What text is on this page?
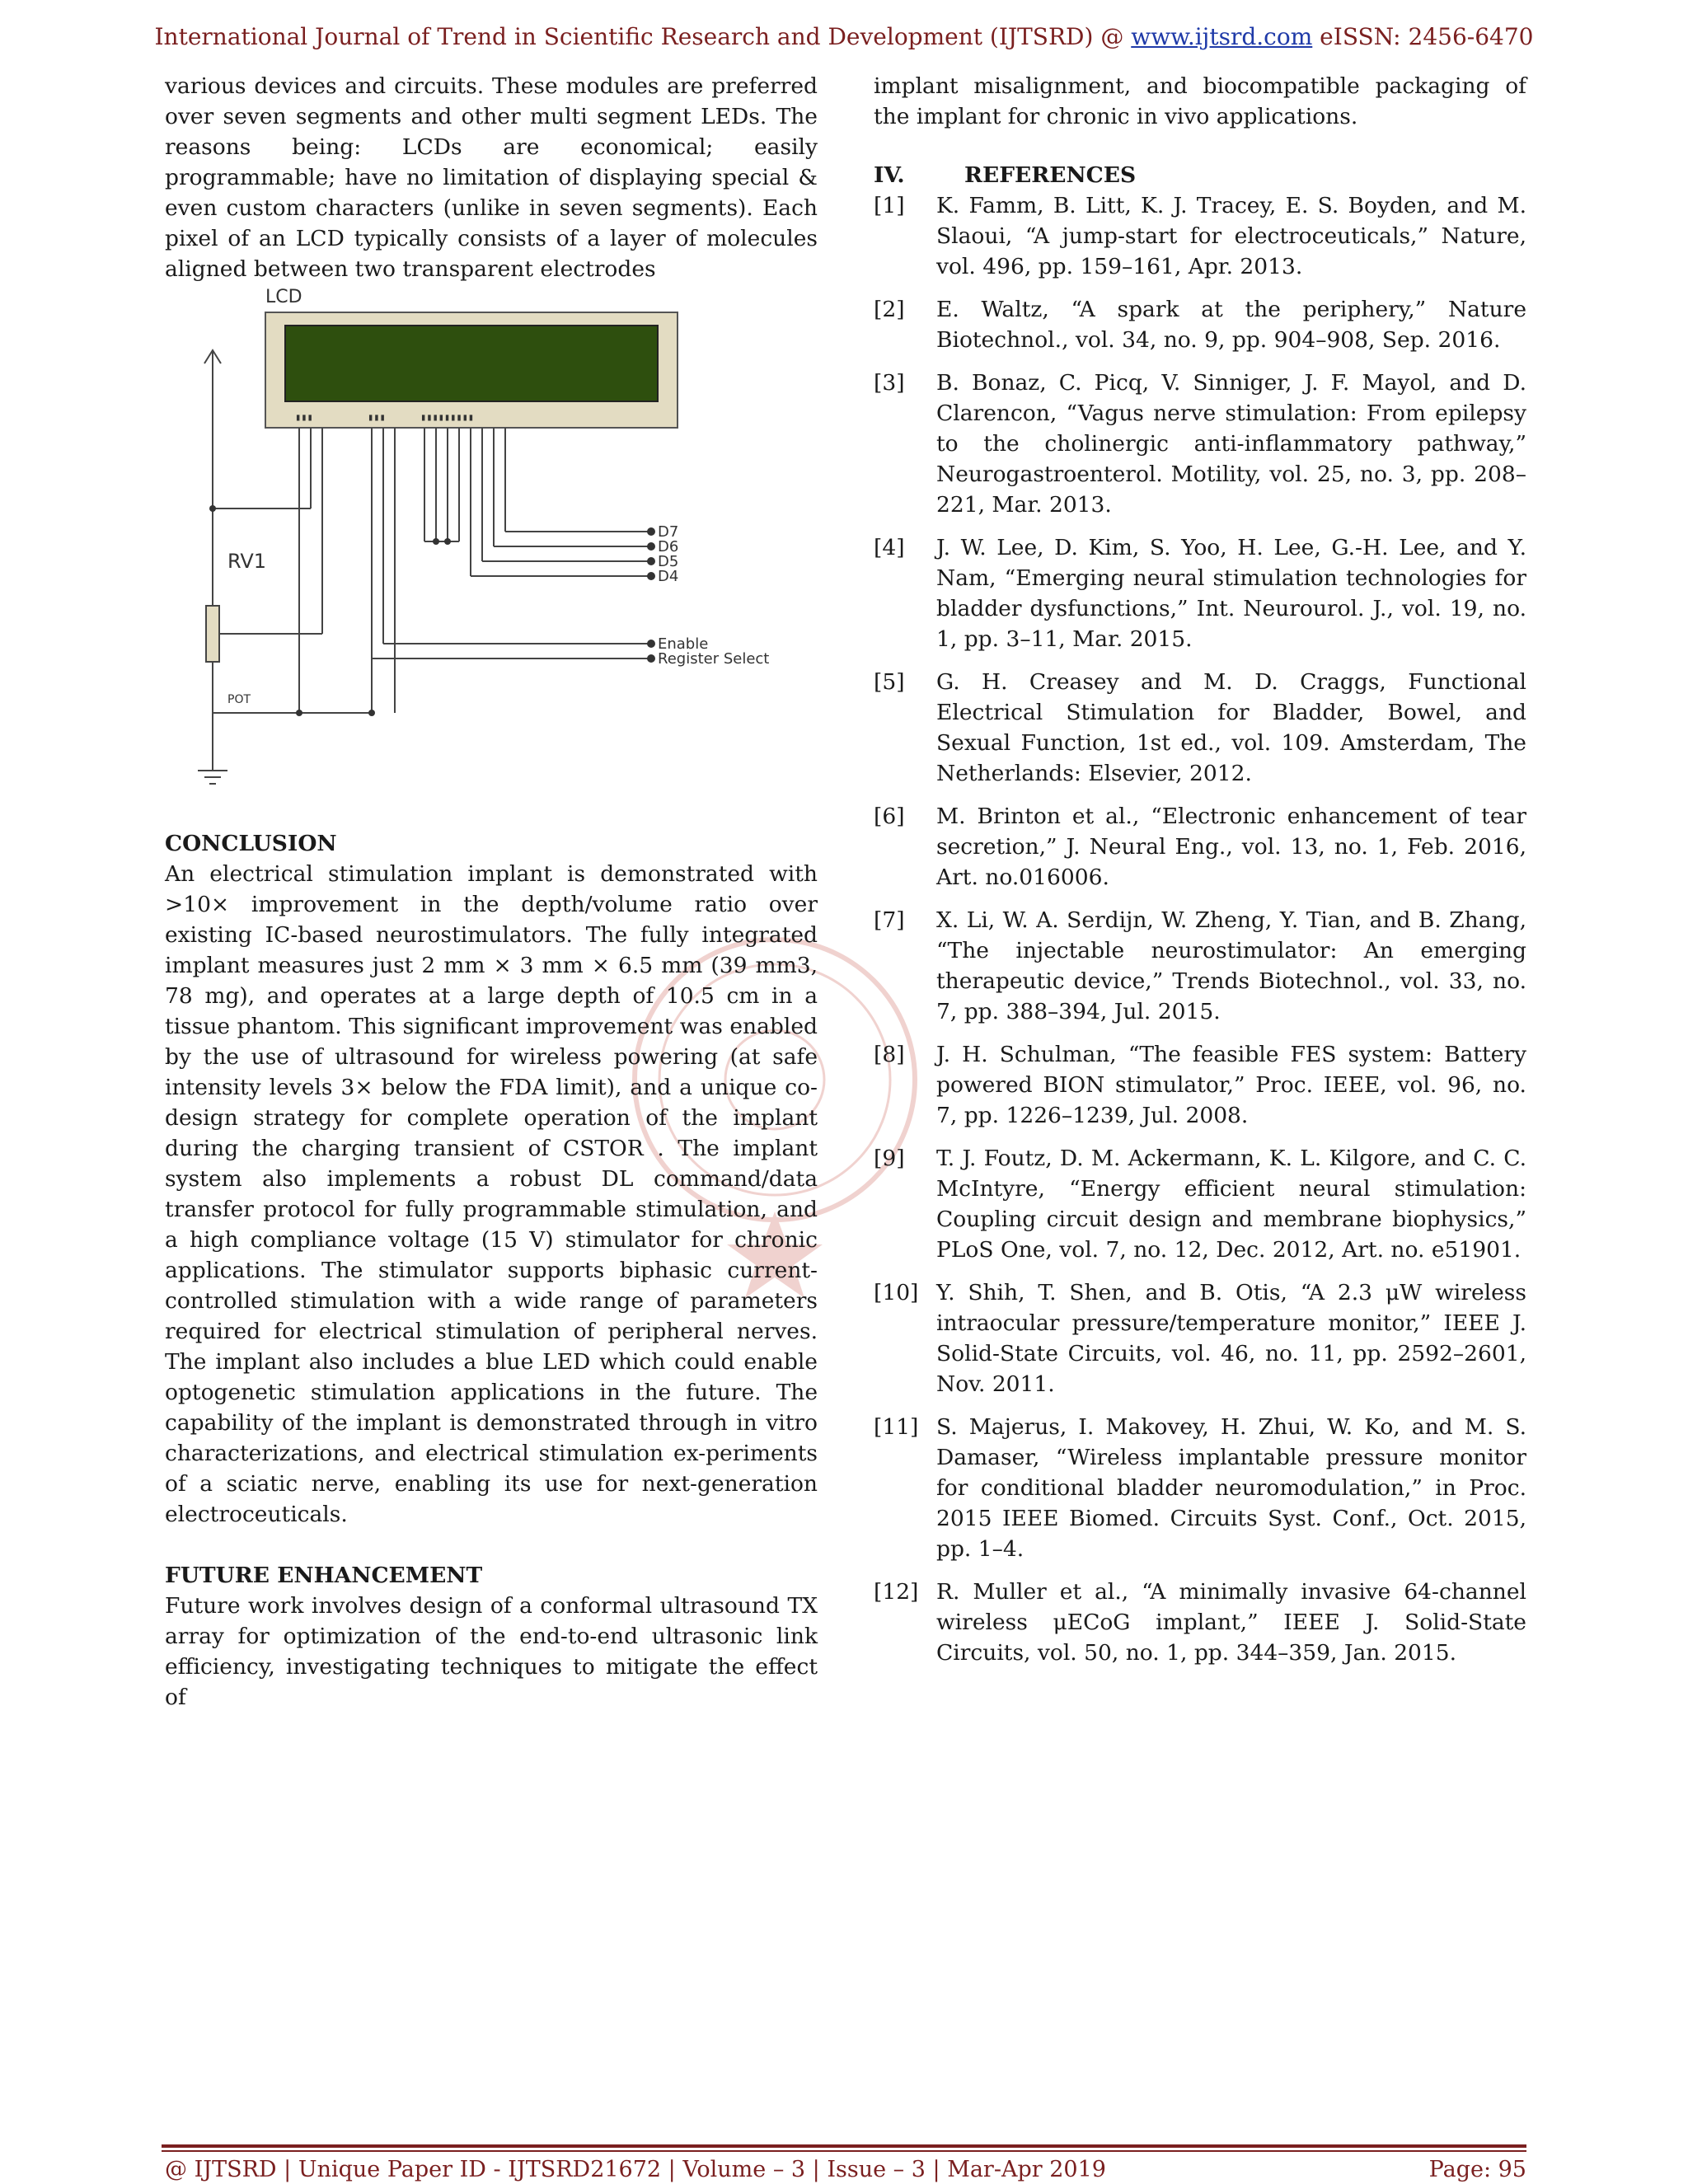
International Journal of Trend in Scientific Research and Development (IJTSRD) @ www.ijtsrd.com eISSN: 2456-6470

various devices and circuits. These modules are preferred over seven segments and other multi segment LEDs. The reasons being: LCDs are economical; easily programmable; have no limitation of displaying special & even custom characters (unlike in seven segments). Each pixel of an LCD typically consists of a layer of molecules aligned between two transparent electrodes

LCD
▮▮▮	▮▮▮	▮▮▮▮▮▮▮▮▮
RV1
POT
D7
D6
D5
D4
Enable
Register Select

CONCLUSION

An electrical stimulation implant is demonstrated with >10× improvement in the depth/volume ratio over existing IC-based neurostimulators. The fully integrated implant measures just 2 mm × 3 mm × 6.5 mm (39 mm3, 78 mg), and operates at a large depth of 10.5 cm in a tissue phantom. This significant improvement was enabled by the use of ultrasound for wireless powering (at safe intensity levels 3× below the FDA limit), and a unique co-design strategy for complete operation of the implant during the charging transient of CSTOR . The implant system also implements a robust DL command/data transfer protocol for fully programmable stimulation, and a high compliance voltage (15 V) stimulator for chronic applications. The stimulator supports biphasic current-controlled stimulation with a wide range of parameters required for electrical stimulation of peripheral nerves. The implant also includes a blue LED which could enable optogenetic stimulation applications in the future. The capability of the implant is demonstrated through in vitro characterizations, and electrical stimulation ex-periments of a sciatic nerve, enabling its use for next-generation electroceuticals.

FUTURE ENHANCEMENT

Future work involves design of a conformal ultrasound TX array for optimization of the end-to-end ultrasonic link efficiency, investigating techniques to mitigate the effect of

implant misalignment, and biocompatible packaging of the implant for chronic in vivo applications.

IV.	REFERENCES
[1]	K. Famm, B. Litt, K. J. Tracey, E. S. Boyden, and M. Slaoui, “A jump-start for electroceuticals,” Nature, vol. 496, pp. 159–161, Apr. 2013.
[2]	E. Waltz, “A spark at the periphery,” Nature Biotechnol., vol. 34, no. 9, pp. 904–908, Sep. 2016.
[3]	B. Bonaz, C. Picq, V. Sinniger, J. F. Mayol, and D. Clarencon, “Vagus nerve stimulation: From epilepsy to the cholinergic anti-inflammatory pathway,” Neurogastroenterol. Motility, vol. 25, no. 3, pp. 208–221, Mar. 2013.
[4]	J. W. Lee, D. Kim, S. Yoo, H. Lee, G.-H. Lee, and Y. Nam, “Emerging neural stimulation technologies for bladder dysfunctions,” Int. Neurourol. J., vol. 19, no. 1, pp. 3–11, Mar. 2015.
[5]	G. H. Creasey and M. D. Craggs, Functional Electrical Stimulation for Bladder, Bowel, and Sexual Function, 1st ed., vol. 109. Amsterdam, The Netherlands: Elsevier, 2012.
[6]	M. Brinton et al., “Electronic enhancement of tear secretion,” J. Neural Eng., vol. 13, no. 1, Feb. 2016, Art. no.016006.
[7]	X. Li, W. A. Serdijn, W. Zheng, Y. Tian, and B. Zhang, “The injectable neurostimulator: An emerging therapeutic device,” Trends Biotechnol., vol. 33, no. 7, pp. 388–394, Jul. 2015.
[8]	J. H. Schulman, “The feasible FES system: Battery powered BION stimulator,” Proc. IEEE, vol. 96, no. 7, pp. 1226–1239, Jul. 2008.
[9]	T. J. Foutz, D. M. Ackermann, K. L. Kilgore, and C. C. McIntyre, “Energy efficient neural stimulation: Coupling circuit design and membrane biophysics,” PLoS One, vol. 7, no. 12, Dec. 2012, Art. no. e51901.
[10] Y. Shih, T. Shen, and B. Otis, “A 2.3 μW wireless intraocular pressure/temperature monitor,” IEEE J. Solid-State Circuits, vol. 46, no. 11, pp. 2592–2601, Nov. 2011.
[11] S. Majerus, I. Makovey, H. Zhui, W. Ko, and M. S. Damaser, “Wireless implantable pressure monitor for conditional bladder neuromodulation,” in Proc. 2015 IEEE Biomed. Circuits Syst. Conf., Oct. 2015, pp. 1–4.
[12] R. Muller et al., “A minimally invasive 64-channel wireless μECoG implant,” IEEE J. Solid-State Circuits, vol. 50, no. 1, pp. 344–359, Jan. 2015.
@ IJTSRD | Unique Paper ID - IJTSRD21672 | Volume – 3 | Issue – 3 | Mar-Apr 2019	Page: 95
